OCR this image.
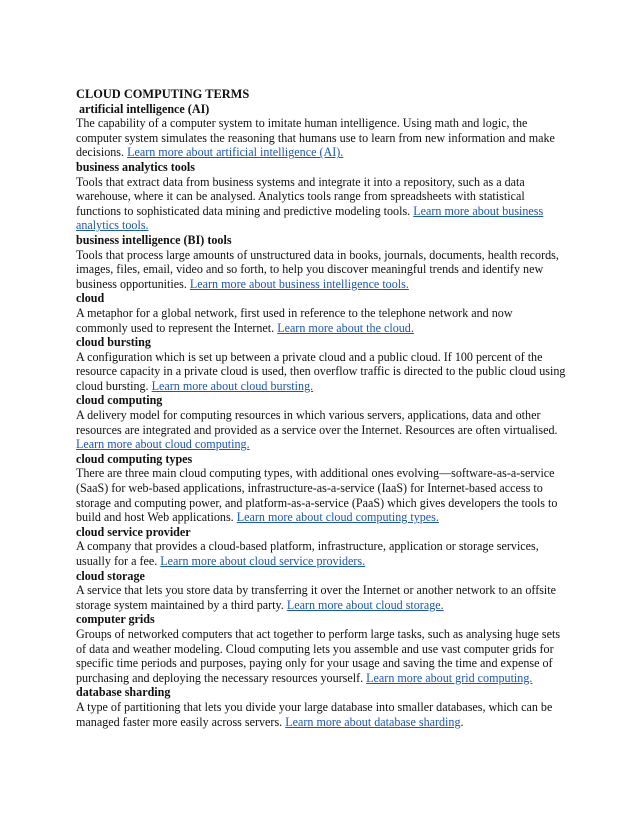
CLOUD COMPUTING TERMS

artificial intelligence (AI)

The capability of a computer system to imitate human intelligence. Using math and logic, the computer system simulates the reasoning that humans use to learn from new information and make decisions. Learn more about artificial intelligence (AI).

business analytics tools

Tools that extract data from business systems and integrate it into a repository, such as a data warehouse, where it can be analysed. Analytics tools range from spreadsheets with statistical functions to sophisticated data mining and predictive modeling tools. Learn more about business analytics tools.

business intelligence (BI) tools

Tools that process large amounts of unstructured data in books, journals, documents, health records, images, files, email, video and so forth, to help you discover meaningful trends and identify new business opportunities. Learn more about business intelligence tools.

cloud

A metaphor for a global network, first used in reference to the telephone network and now commonly used to represent the Internet. Learn more about the cloud.

cloud bursting

A configuration which is set up between a private cloud and a public cloud. If 100 percent of the resource capacity in a private cloud is used, then overflow traffic is directed to the public cloud using cloud bursting. Learn more about cloud bursting.

cloud computing

A delivery model for computing resources in which various servers, applications, data and other resources are integrated and provided as a service over the Internet. Resources are often virtualised. Learn more about cloud computing.

cloud computing types

There are three main cloud computing types, with additional ones evolving—software-as-a-service (SaaS) for web-based applications, infrastructure-as-a-service (IaaS) for Internet-based access to storage and computing power, and platform-as-a-service (PaaS) which gives developers the tools to build and host Web applications. Learn more about cloud computing types.

cloud service provider

A company that provides a cloud-based platform, infrastructure, application or storage services, usually for a fee. Learn more about cloud service providers.

cloud storage

A service that lets you store data by transferring it over the Internet or another network to an offsite storage system maintained by a third party. Learn more about cloud storage.

computer grids

Groups of networked computers that act together to perform large tasks, such as analysing huge sets of data and weather modeling. Cloud computing lets you assemble and use vast computer grids for specific time periods and purposes, paying only for your usage and saving the time and expense of purchasing and deploying the necessary resources yourself. Learn more about grid computing.

database sharding

A type of partitioning that lets you divide your large database into smaller databases, which can be managed faster more easily across servers. Learn more about database sharding.
